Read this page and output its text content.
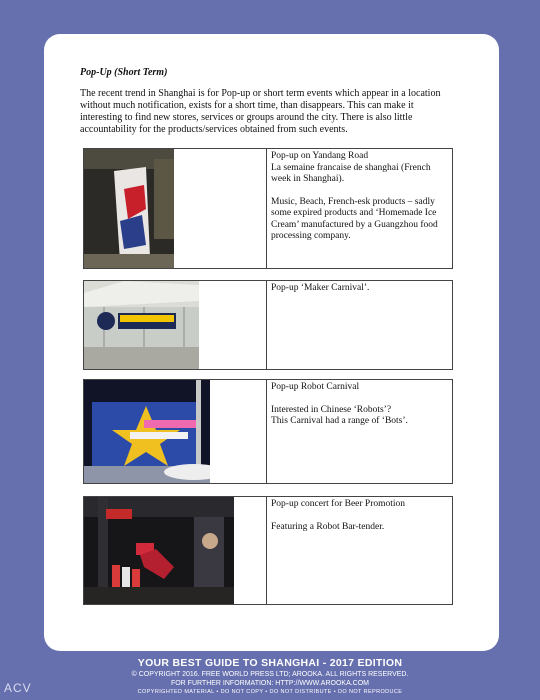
Pop-Up (Short Term)
The recent trend in Shanghai is for Pop-up or short term events which appear in a location without much notification, exists for a short time, than disappears. This can make it interesting to find new stores, services or groups around the city. There is also little accountability for the products/services obtained from such events.

Pop-up on Yandang Road
La semaine francaise de shanghai (French week in Shanghai).

Music, Beach, French-esk products – sadly some expired products and ‘Homemade Ice Cream’ manufactured by a Guangzhou food processing company.

Pop-up ‘Maker Carnival’.

Pop-up Robot Carnival

Interested in Chinese ‘Robots’?
This Carnival had a range of ‘Bots’.

Pop-up concert for Beer Promotion

Featuring a Robot Bar-tender.

YOUR BEST GUIDE TO SHANGHAI - 2017 EDITION
© COPYRIGHT 2016. FREE WORLD PRESS LTD; AROOKA. ALL RIGHTS RESERVED.
FOR FURTHER INFORMATION: HTTP://WWW.AROOKA.COM
COPYRIGHTED MATERIAL • DO NOT COPY • DO NOT DISTRIBUTE • DO NOT REPRODUCE
ACV
